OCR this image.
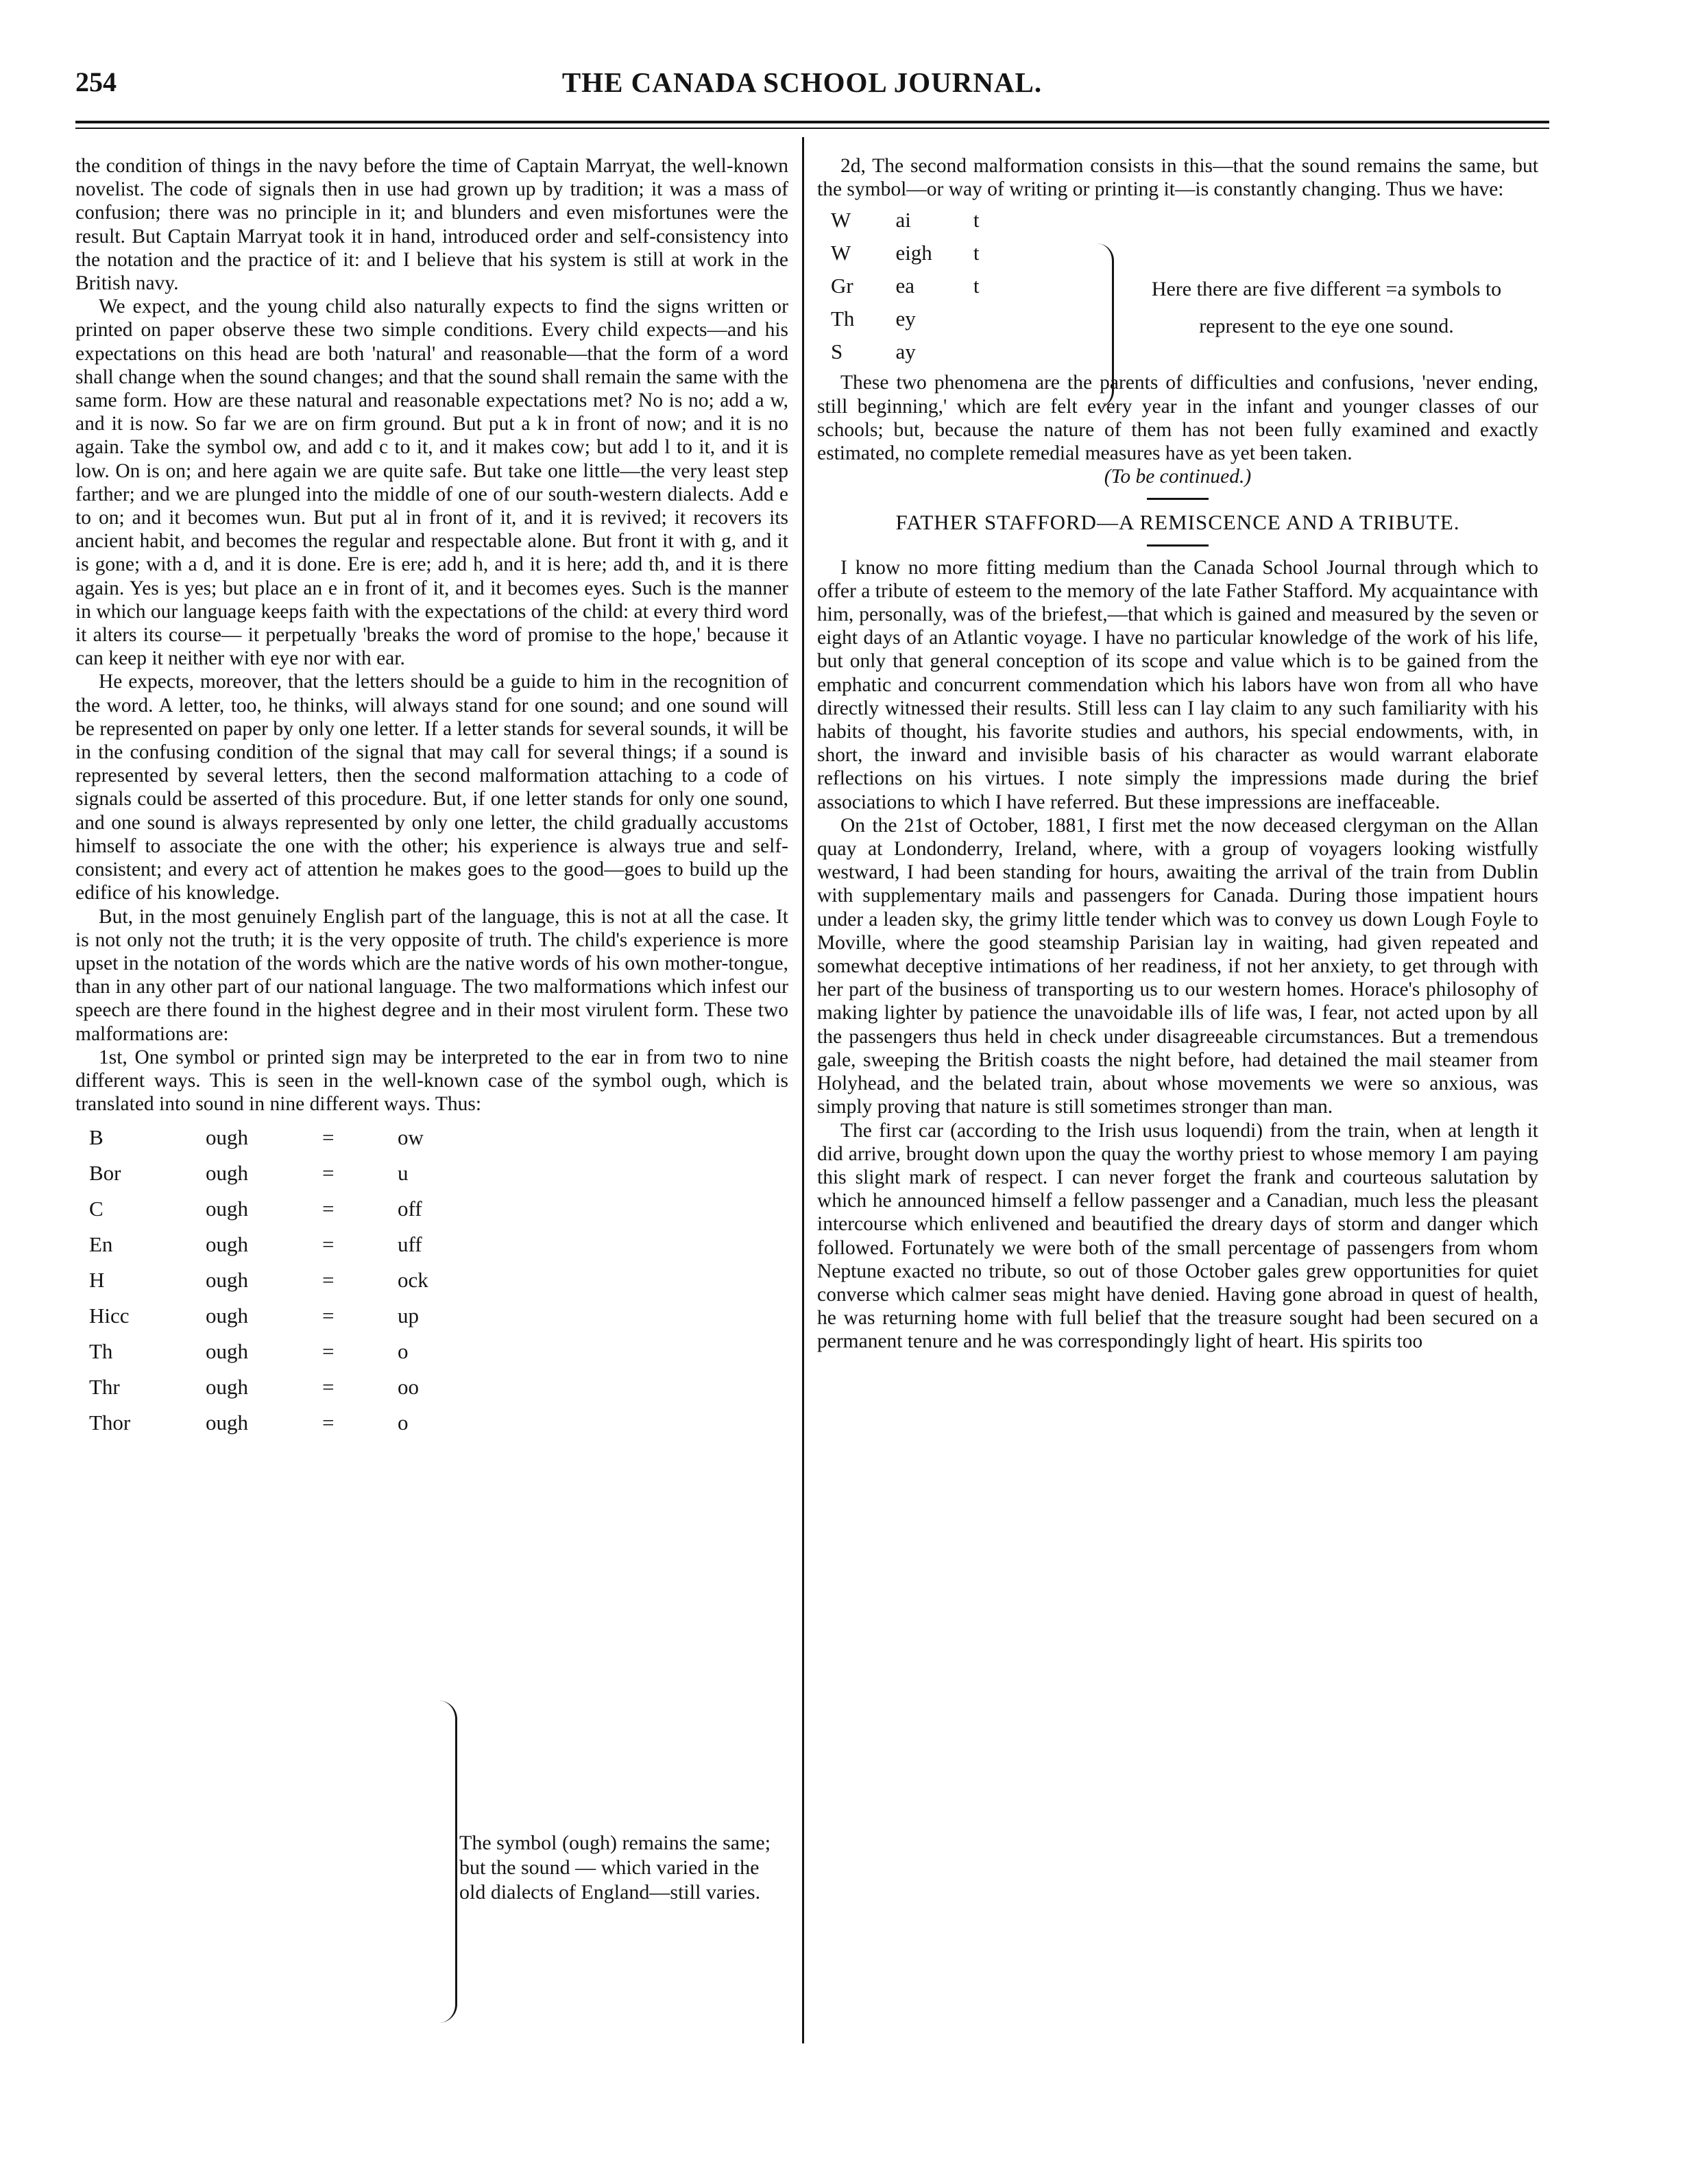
254	THE CANADA SCHOOL JOURNAL.

the condition of things in the navy before the time of Captain Marryat, the well-known novelist. The code of signals then in use had grown up by tradition; it was a mass of confusion; there was no principle in it; and blunders and even misfortunes were the result. But Captain Marryat took it in hand, introduced order and self-consistency into the notation and the practice of it: and I believe that his system is still at work in the British navy.

We expect, and the young child also naturally expects to find the signs written or printed on paper observe these two simple conditions. Every child expects—and his expectations on this head are both 'natural' and reasonable—that the form of a word shall change when the sound changes; and that the sound shall remain the same with the same form. How are these natural and reasonable expectations met? No is no; add a w, and it is now. So far we are on firm ground. But put a k in front of now; and it is no again. Take the symbol ow, and add c to it, and it makes cow; but add l to it, and it is low. On is on; and here again we are quite safe. But take one little—the very least step farther; and we are plunged into the middle of one of our south-western dialects. Add e to on; and it becomes wun. But put al in front of it, and it is revived; it recovers its ancient habit, and becomes the regular and respectable alone. But front it with g, and it is gone; with a d, and it is done. Ere is ere; add h, and it is here; add th, and it is there again. Yes is yes; but place an e in front of it, and it becomes eyes. Such is the manner in which our language keeps faith with the expectations of the child: at every third word it alters its course— it perpetually 'breaks the word of promise to the hope,' because it can keep it neither with eye nor with ear.

He expects, moreover, that the letters should be a guide to him in the recognition of the word. A letter, too, he thinks, will always stand for one sound; and one sound will be represented on paper by only one letter. If a letter stands for several sounds, it will be in the confusing condition of the signal that may call for several things; if a sound is represented by several letters, then the second malformation attaching to a code of signals could be asserted of this procedure. But, if one letter stands for only one sound, and one sound is always represented by only one letter, the child gradually accustoms himself to associate the one with the other; his experience is always true and self-consistent; and every act of attention he makes goes to the good—goes to build up the edifice of his knowledge.

But, in the most genuinely English part of the language, this is not at all the case. It is not only not the truth; it is the very opposite of truth. The child's experience is more upset in the notation of the words which are the native words of his own mother-tongue, than in any other part of our national language. The two malformations which infest our speech are there found in the highest degree and in their most virulent form. These two malformations are:

1st, One symbol or printed sign may be interpreted to the ear in from two to nine different ways. This is seen in the well-known case of the symbol ough, which is translated into sound in nine different ways. Thus:

B	ough	=	ow
Bor	ough	=	u
C	ough	=	off
En	ough	=	uff
H	ough	=	ock
Hicc	ough	=	up
Th	ough	=	o
Thr	ough	=	oo
Thor	ough	=	o
The symbol (ough) remains the same; but the sound — which varied in the old dialects of England—still varies.

2d, The second malformation consists in this—that the sound remains the same, but the symbol—or way of writing or printing it—is constantly changing. Thus we have:

W	ai	t
W	eigh	t
Gr	ea	t
Th	ey	
S	ay	

These two phenomena are the parents of difficulties and confusions, 'never ending, still beginning,' which are felt every year in the infant and younger classes of our schools; but, because the nature of them has not been fully examined and exactly estimated, no complete remedial measures have as yet been taken.

(To be continued.)
FATHER STAFFORD—A REMISCENCE AND A TRIBUTE.

I know no more fitting medium than the Canada School Journal through which to offer a tribute of esteem to the memory of the late Father Stafford. My acquaintance with him, personally, was of the briefest,—that which is gained and measured by the seven or eight days of an Atlantic voyage. I have no particular knowledge of the work of his life, but only that general conception of its scope and value which is to be gained from the emphatic and concurrent commendation which his labors have won from all who have directly witnessed their results. Still less can I lay claim to any such familiarity with his habits of thought, his favorite studies and authors, his special endowments, with, in short, the inward and invisible basis of his character as would warrant elaborate reflections on his virtues. I note simply the impressions made during the brief associations to which I have referred. But these impressions are ineffaceable.

On the 21st of October, 1881, I first met the now deceased clergyman on the Allan quay at Londonderry, Ireland, where, with a group of voyagers looking wistfully westward, I had been standing for hours, awaiting the arrival of the train from Dublin with supplementary mails and passengers for Canada. During those impatient hours under a leaden sky, the grimy little tender which was to convey us down Lough Foyle to Moville, where the good steamship Parisian lay in waiting, had given repeated and somewhat deceptive intimations of her readiness, if not her anxiety, to get through with her part of the business of transporting us to our western homes. Horace's philosophy of making lighter by patience the unavoidable ills of life was, I fear, not acted upon by all the passengers thus held in check under disagreeable circumstances. But a tremendous gale, sweeping the British coasts the night before, had detained the mail steamer from Holyhead, and the belated train, about whose movements we were so anxious, was simply proving that nature is still sometimes stronger than man.

The first car (according to the Irish usus loquendi) from the train, when at length it did arrive, brought down upon the quay the worthy priest to whose memory I am paying this slight mark of respect. I can never forget the frank and courteous salutation by which he announced himself a fellow passenger and a Canadian, much less the pleasant intercourse which enlivened and beautified the dreary days of storm and danger which followed. Fortunately we were both of the small percentage of passengers from whom Neptune exacted no tribute, so out of those October gales grew opportunities for quiet converse which calmer seas might have denied. Having gone abroad in quest of health, he was returning home with full belief that the treasure sought had been secured on a permanent tenure and he was correspondingly light of heart. His spirits too

Here there are five different =a symbols to represent to the eye one sound.
